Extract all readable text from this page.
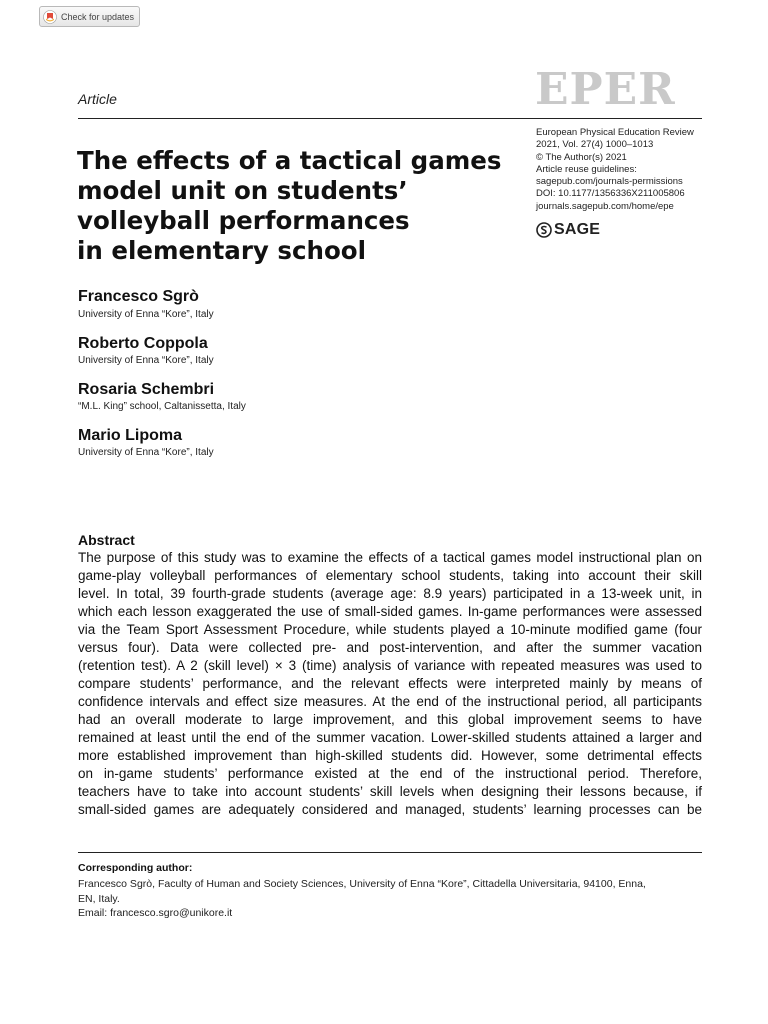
Check for updates
Article	EPER
European Physical Education Review
2021, Vol. 27(4) 1000–1013
© The Author(s) 2021
Article reuse guidelines:
sagepub.com/journals-permissions
DOI: 10.1177/1356336X211005806
journals.sagepub.com/home/epe
SAGE
The effects of a tactical games
model unit on students’
volleyball performances
in elementary school
Francesco Sgrò
University of Enna “Kore”, Italy
Roberto Coppola
University of Enna “Kore”, Italy
Rosaria Schembri
“M.L. King” school, Caltanissetta, Italy
Mario Lipoma
University of Enna “Kore”, Italy
Abstract
The purpose of this study was to examine the effects of a tactical games model instructional plan on
game-play volleyball performances of elementary school students, taking into account their skill
level. In total, 39 fourth-grade students (average age: 8.9 years) participated in a 13-week unit, in
which each lesson exaggerated the use of small-sided games. In-game performances were assessed
via the Team Sport Assessment Procedure, while students played a 10-minute modified game (four
versus four). Data were collected pre- and post-intervention, and after the summer vacation
(retention test). A 2 (skill level) × 3 (time) analysis of variance with repeated measures was used to
compare students’ performance, and the relevant effects were interpreted mainly by means of
confidence intervals and effect size measures. At the end of the instructional period, all participants
had an overall moderate to large improvement, and this global improvement seems to have
remained at least until the end of the summer vacation. Lower-skilled students attained a larger and
more established improvement than high-skilled students did. However, some detrimental effects
on in-game students’ performance existed at the end of the instructional period. Therefore,
teachers have to take into account students’ skill levels when designing their lessons because, if
small-sided games are adequately considered and managed, students’ learning processes can be
Corresponding author:
Francesco Sgrò, Faculty of Human and Society Sciences, University of Enna “Kore”, Cittadella Universitaria, 94100, Enna,
EN, Italy.
Email: francesco.sgro@unikore.it
